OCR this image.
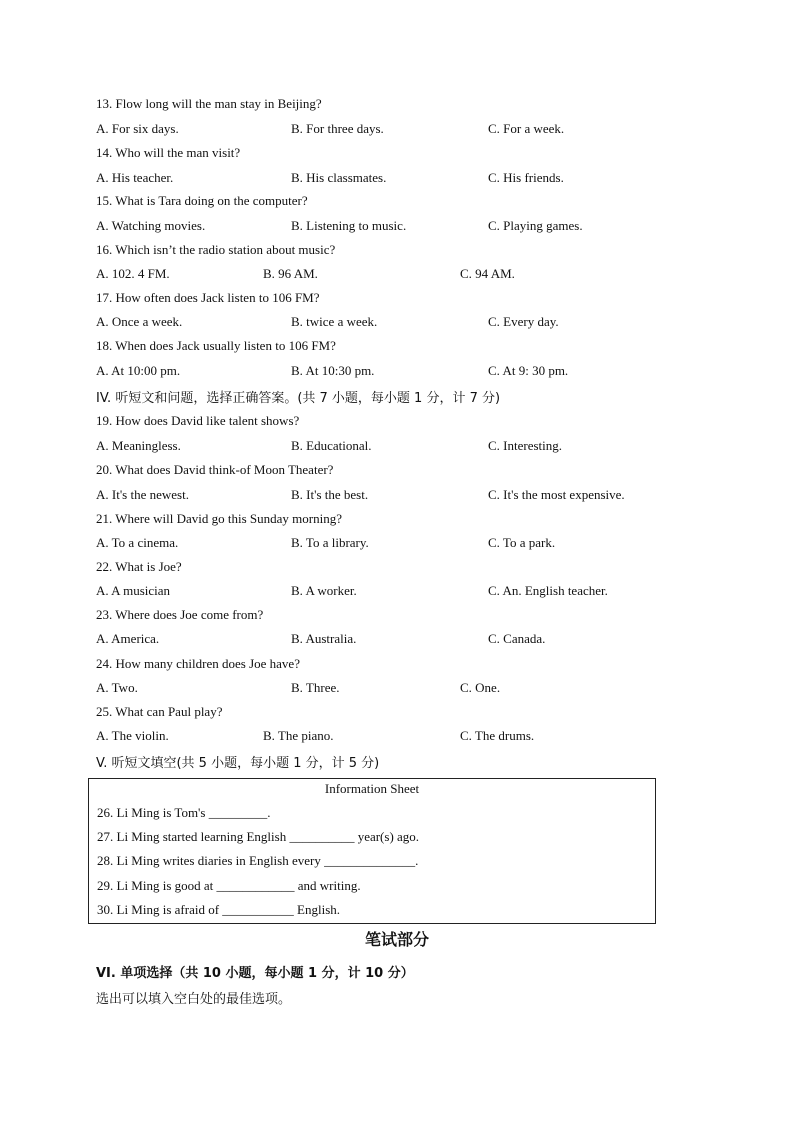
13. Flow long will the man stay in Beijing?
A. For six days.	B. For three days.	C. For a week.
14. Who will the man visit?
A. His teacher.	B. His classmates.	C. His friends.
15. What is Tara doing on the computer?
A. Watching movies.	B. Listening to music.	C. Playing games.
16. Which isn’t the radio station about music?
A. 102. 4 FM.	B. 96 AM.	C. 94 AM.
17. How often does Jack listen to 106 FM?
A. Once a week.	B. twice a week.	C. Every day.
18. When does Jack usually listen to 106 FM?
A. At 10:00 pm.	B. At 10:30 pm.	C. At 9: 30 pm.
IV. 听短文和问题，选择正确答案。(共 7 小题，每小题 1 分，计 7 分)
19. How does David like talent shows?
A. Meaningless.	B. Educational.	C. Interesting.
20. What does David think-of Moon Theater?
A. It's the newest.	B. It's the best.	C. It's the most expensive.
21. Where will David go this Sunday morning?
A. To a cinema.	B. To a library.	C. To a park.
22. What is Joe?
A. A musician	B. A worker.	C. An. English teacher.
23. Where does Joe come from?
A. America.	B. Australia.	C. Canada.
24. How many children does Joe have?
A. Two.	B. Three.	C. One.
25. What can Paul play?
A. The violin.	B. The piano.	C. The drums.
V. 听短文填空(共 5 小题，每小题 1 分，计 5 分)
Information Sheet
26. Li Ming is Tom's _________.
27. Li Ming started learning English __________ year(s) ago.
28. Li Ming writes diaries in English every ______________.
29. Li Ming is good at ____________ and writing.
30. Li Ming is afraid of ___________ English.
笔试部分
VI. 单项选择（共 10 小题，每小题 1 分，计 10 分）
选出可以填入空白处的最佳选项。
